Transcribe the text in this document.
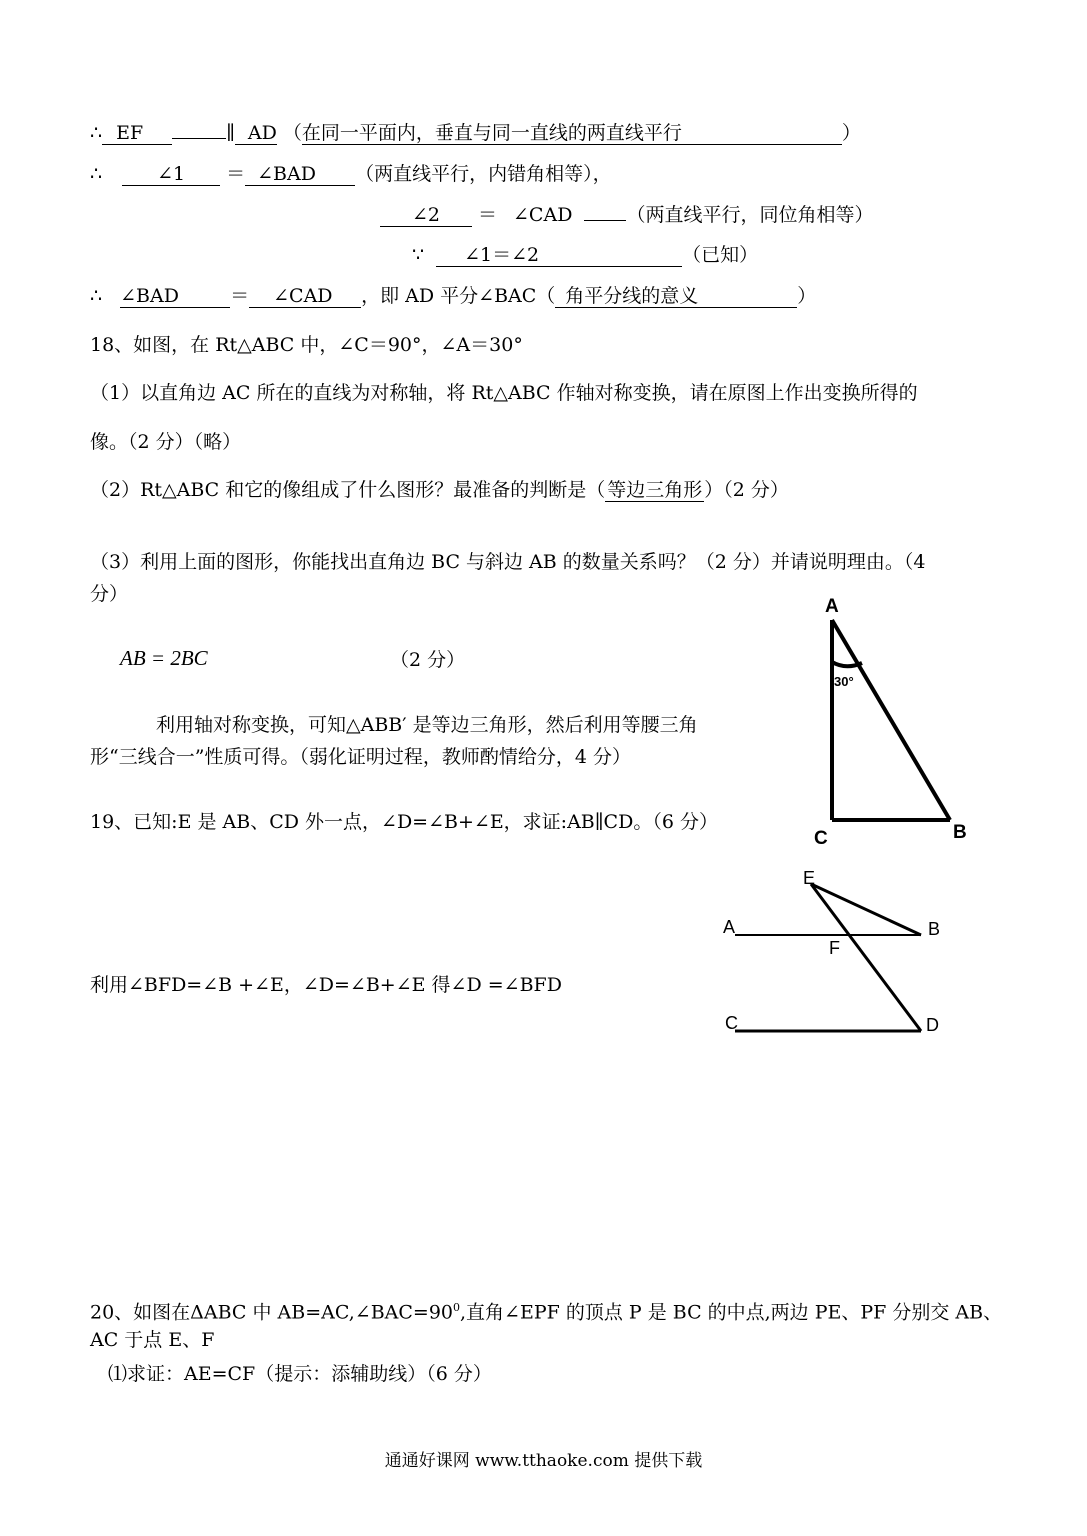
∴ EF	∥ AD （在同一平面内，垂直与同一直线的两直线平行	）
∴	∠1 ＝ ∠BAD （两直线平行，内错角相等），
∠2 ＝ ∠CAD	（两直线平行，同位角相等）
∵ ∠1＝∠2	（已知）
∴ ∠BAD	＝ ∠CAD ，即 AD 平分∠BAC（ 角平分线的意义	）
18、如图，在 Rt△ABC 中，∠C＝90°，∠A＝30°
（1）以直角边 AC 所在的直线为对称轴，将 Rt△ABC 作轴对称变换，请在原图上作出变换所得的
像。（2 分）（略）
（2）Rt△ABC 和它的像组成了什么图形？最准备的判断是（ 等边三角形 ）（2 分）
（3）利用上面的图形，你能找出直角边 BC 与斜边 AB 的数量关系吗？（2 分）并请说明理由。（4
分）
AB = 2BC	（2 分）
利用轴对称变换，可知△ABB′ 是等边三角形，然后利用等腰三角
形“三线合一”性质可得。（弱化证明过程，教师酌情给分，4 分）
A
30°
C	B
19、已知:E 是 AB、CD 外一点，∠D=∠B+∠E，求证:AB∥CD。（6 分）
利用∠BFD=∠B +∠E，∠D=∠B+∠E 得∠D =∠BFD
E
A	B
F
C	D
20、如图在ΔABC 中 $AB=AC,\angle BAC=90^0$,直角∠EPF 的顶点 P 是 BC 的中点,两边 PE、PF 分别交 AB、
AC 于点 E、F
⑴求证：AE=CF（提示：添辅助线）（6 分）
通通好课网 www.tthaoke.com 提供下载
